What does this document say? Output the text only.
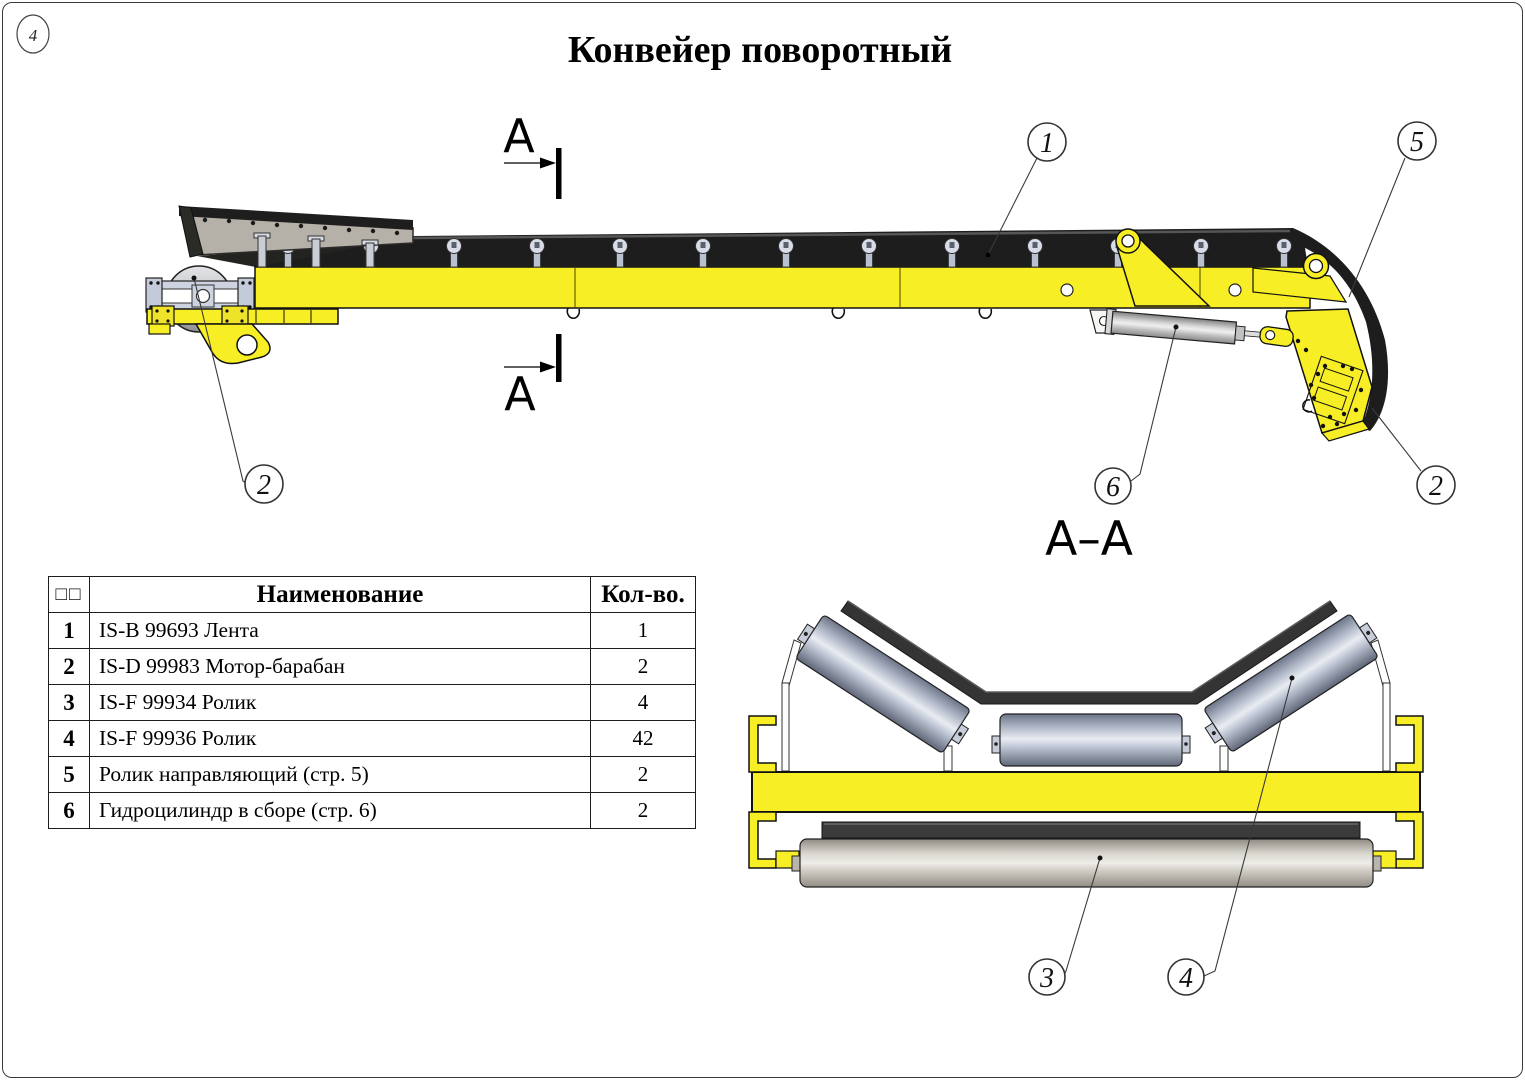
4	Конвейер поворотный
A
A
1	5
2	2
6
A–A
3	4
□□	Наименование	Кол-во.
1	IS-B 99693 Лента	1
2	IS-D 99983 Мотор-барабан	2
3	IS-F 99934 Ролик	4
4	IS-F 99936 Ролик	42
5	Ролик направляющий (стр. 5)	2
6	Гидроцилиндр в сборе (стр. 6)	2
